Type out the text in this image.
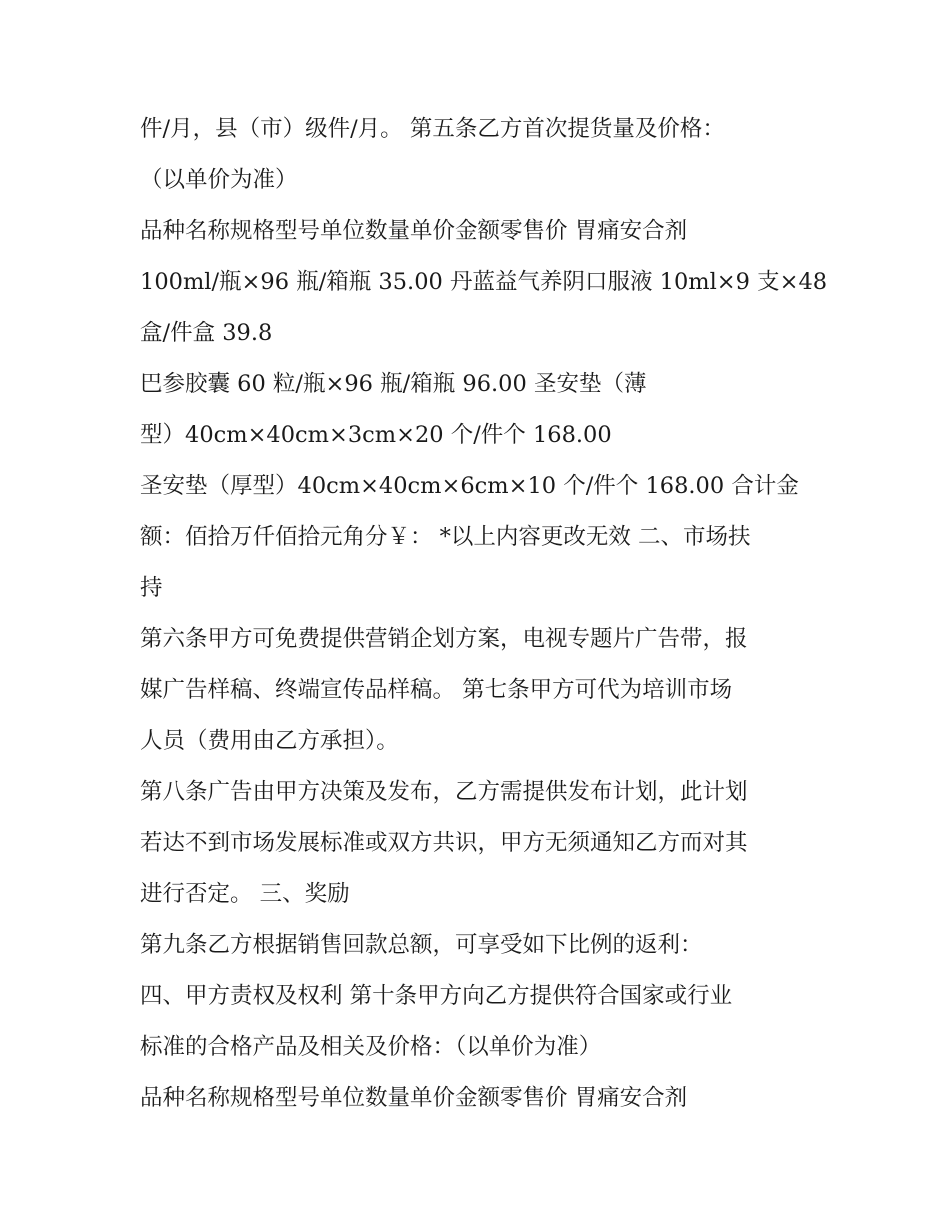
件/月，县（市）级件/月。 第五条乙方首次提货量及价格：
（以单价为准）
品种名称规格型号单位数量单价金额零售价 胃痛安合剂
100ml/瓶×96 瓶/箱瓶 35.00 丹蓝益气养阴口服液 10ml×9 支×48
盒/件盒 39.8
巴参胶囊 60 粒/瓶×96 瓶/箱瓶 96.00 圣安垫（薄
型）40cm×40cm×3cm×20 个/件个 168.00
圣安垫（厚型）40cm×40cm×6cm×10 个/件个 168.00 合计金
额：佰拾万仟佰拾元角分￥： *以上内容更改无效 二、市场扶
持
第六条甲方可免费提供营销企划方案，电视专题片广告带，报
媒广告样稿、终端宣传品样稿。 第七条甲方可代为培训市场
人员（费用由乙方承担）。
第八条广告由甲方决策及发布，乙方需提供发布计划，此计划
若达不到市场发展标准或双方共识，甲方无须通知乙方而对其
进行否定。 三、奖励
第九条乙方根据销售回款总额，可享受如下比例的返利：
四、甲方责权及权利 第十条甲方向乙方提供符合国家或行业
标准的合格产品及相关及价格：（以单价为准）
品种名称规格型号单位数量单价金额零售价 胃痛安合剂
